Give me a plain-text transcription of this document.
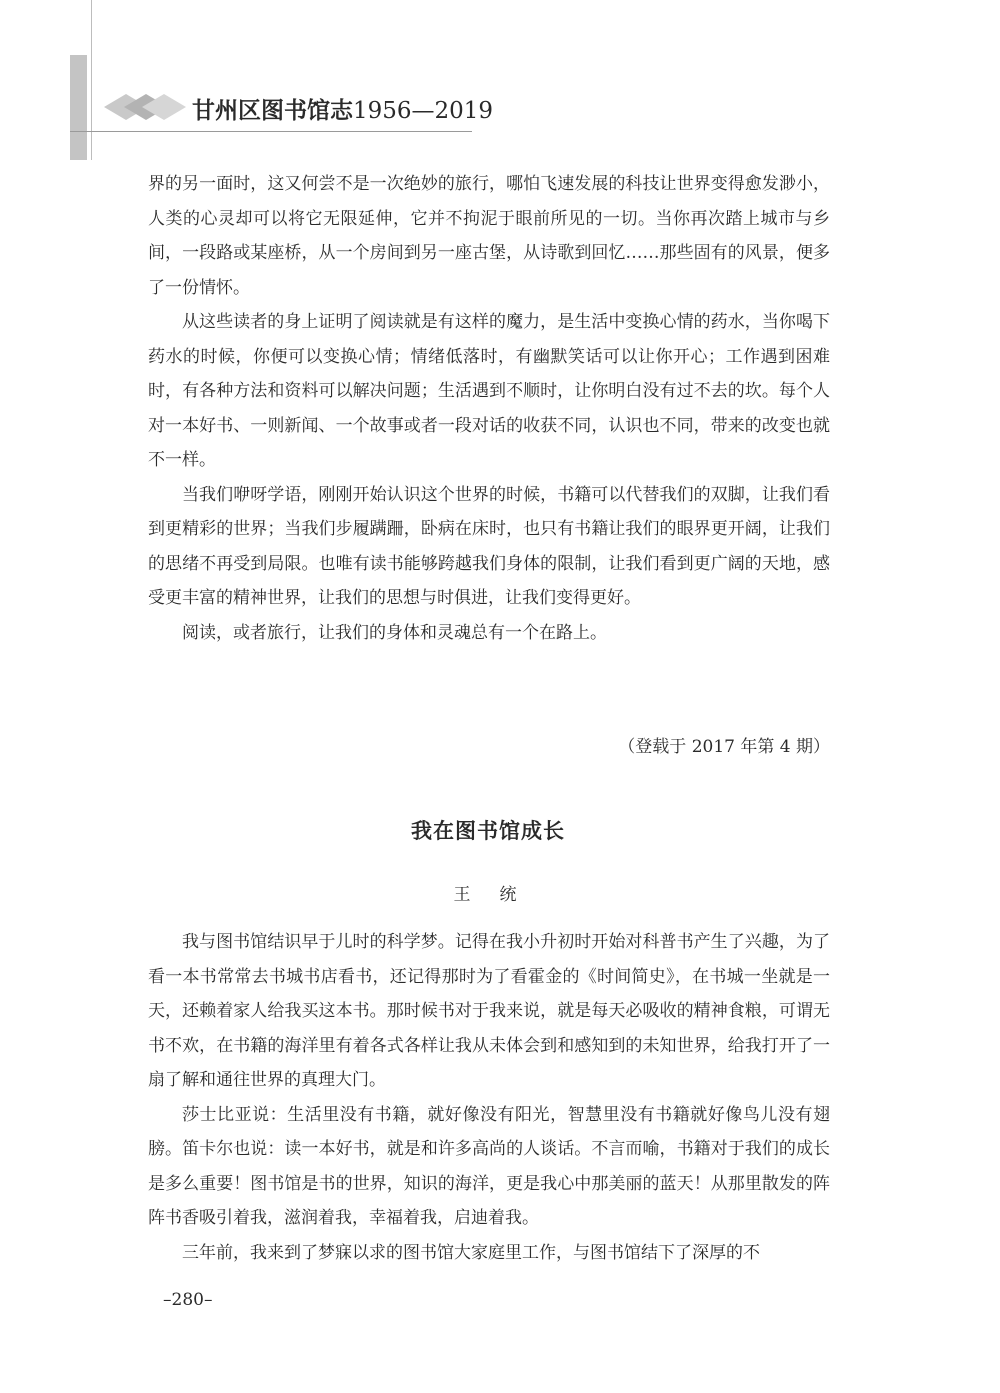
甘州区图书馆志1956—2019

界的另一面时，这又何尝不是一次绝妙的旅行，哪怕飞速发展的科技让世界变得愈发渺小，人类的心灵却可以将它无限延伸，它并不拘泥于眼前所见的一切。当你再次踏上城市与乡间，一段路或某座桥，从一个房间到另一座古堡，从诗歌到回忆……那些固有的风景，便多了一份情怀。

从这些读者的身上证明了阅读就是有这样的魔力，是生活中变换心情的药水，当你喝下药水的时候，你便可以变换心情；情绪低落时，有幽默笑话可以让你开心；工作遇到困难时，有各种方法和资料可以解决问题；生活遇到不顺时，让你明白没有过不去的坎。每个人对一本好书、一则新闻、一个故事或者一段对话的收获不同，认识也不同，带来的改变也就不一样。

当我们咿呀学语，刚刚开始认识这个世界的时候，书籍可以代替我们的双脚，让我们看到更精彩的世界；当我们步履蹒跚，卧病在床时，也只有书籍让我们的眼界更开阔，让我们的思绪不再受到局限。也唯有读书能够跨越我们身体的限制，让我们看到更广阔的天地，感受更丰富的精神世界，让我们的思想与时俱进，让我们变得更好。

阅读，或者旅行，让我们的身体和灵魂总有一个在路上。

（登载于 2017 年第 4 期）
我在图书馆成长
王　统

我与图书馆结识早于儿时的科学梦。记得在我小升初时开始对科普书产生了兴趣，为了看一本书常常去书城书店看书，还记得那时为了看霍金的《时间简史》，在书城一坐就是一天，还赖着家人给我买这本书。那时候书对于我来说，就是每天必吸收的精神食粮，可谓无书不欢，在书籍的海洋里有着各式各样让我从未体会到和感知到的未知世界，给我打开了一扇了解和通往世界的真理大门。

莎士比亚说：生活里没有书籍，就好像没有阳光，智慧里没有书籍就好像鸟儿没有翅膀。笛卡尔也说：读一本好书，就是和许多高尚的人谈话。不言而喻，书籍对于我们的成长是多么重要！图书馆是书的世界，知识的海洋，更是我心中那美丽的蓝天！从那里散发的阵阵书香吸引着我，滋润着我，幸福着我，启迪着我。

三年前，我来到了梦寐以求的图书馆大家庭里工作，与图书馆结下了深厚的不

–280–
